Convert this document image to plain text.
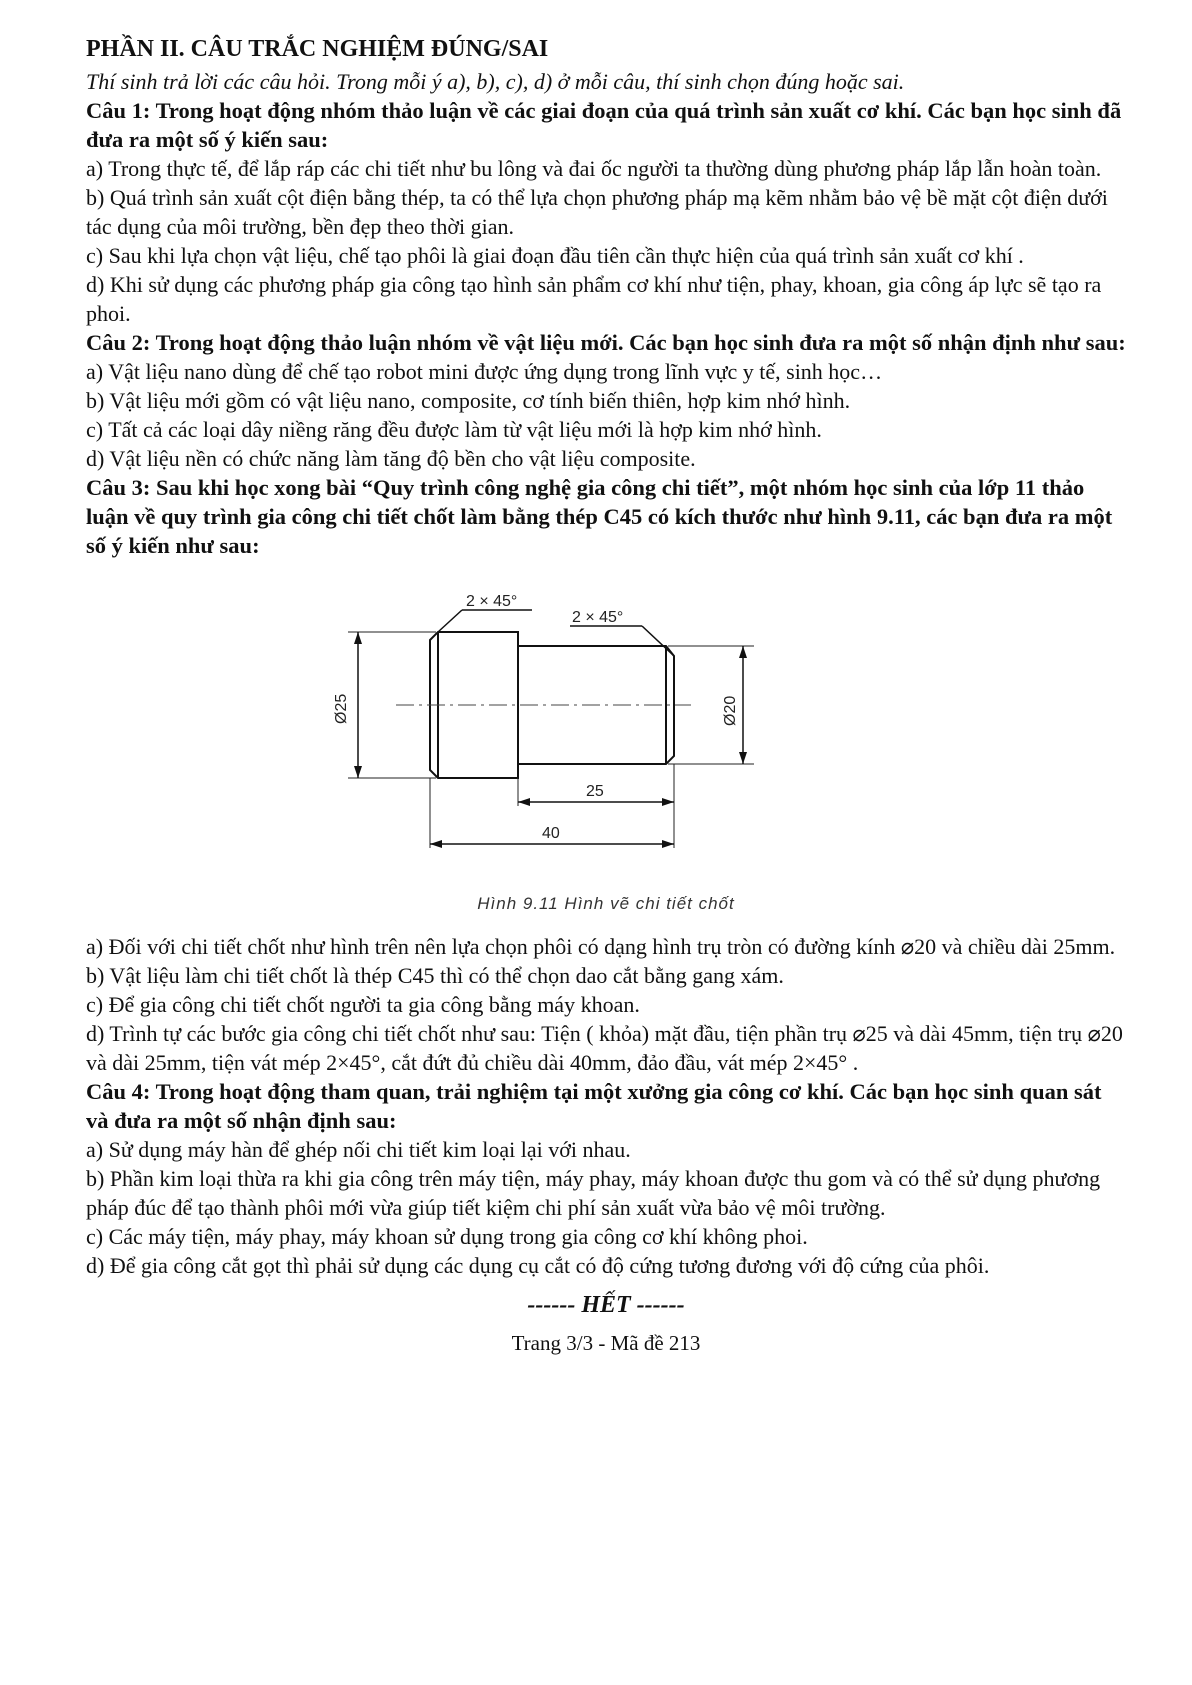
PHẦN II. CÂU TRẮC NGHIỆM ĐÚNG/SAI
Thí sinh trả lời các câu hỏi. Trong mỗi ý a), b), c), d) ở mỗi câu, thí sinh chọn đúng hoặc sai.
Câu 1: Trong hoạt động nhóm thảo luận về các giai đoạn của quá trình sản xuất cơ khí. Các bạn học sinh đã đưa ra một số ý kiến sau:
a) Trong thực tế, để lắp ráp các chi tiết như bu lông và đai ốc người ta thường dùng phương pháp lắp lẫn hoàn toàn.
b) Quá trình sản xuất cột điện bằng thép, ta có thể lựa chọn phương pháp mạ kẽm nhằm bảo vệ bề mặt cột điện dưới tác dụng của môi trường, bền đẹp theo thời gian.
c) Sau khi lựa chọn vật liệu, chế tạo phôi là giai đoạn đầu tiên cần thực hiện của quá trình sản xuất cơ khí .
d) Khi sử dụng các phương pháp gia công tạo hình sản phẩm cơ khí như tiện, phay, khoan, gia công áp lực sẽ tạo ra phoi.
Câu 2: Trong hoạt động thảo luận nhóm về vật liệu mới. Các bạn học sinh đưa ra một số nhận định như sau:
a) Vật liệu nano dùng để chế tạo robot mini được ứng dụng trong lĩnh vực y tế, sinh học…
b) Vật liệu mới gồm có vật liệu nano, composite, cơ tính biến thiên, hợp kim nhớ hình.
c) Tất cả các loại dây niềng răng đều được làm từ vật liệu mới là hợp kim nhớ hình.
d) Vật liệu nền có chức năng làm tăng độ bền cho vật liệu composite.
Câu 3: Sau khi học xong bài “Quy trình công nghệ gia công chi tiết”, một nhóm học sinh của lớp 11 thảo luận về quy trình gia công chi tiết chốt làm bằng thép C45 có kích thước như hình 9.11, các bạn đưa ra một số ý kiến như sau:
2 × 45°
2 × 45°
Ø25	Ø20
25
40
Hình 9.11 Hình vẽ chi tiết chốt
a) Đối với chi tiết chốt như hình trên nên lựa chọn phôi có dạng hình trụ tròn có đường kính ⌀20 và chiều dài 25mm.
b) Vật liệu làm chi tiết chốt là thép C45 thì có thể chọn dao cắt bằng gang xám.
c) Để gia công chi tiết chốt người ta gia công bằng máy khoan.
d) Trình tự các bước gia công chi tiết chốt như sau: Tiện ( khỏa) mặt đầu, tiện phần trụ ⌀25 và dài 45mm, tiện trụ ⌀20 và dài 25mm, tiện vát mép 2×45°, cắt đứt đủ chiều dài 40mm, đảo đầu, vát mép 2×45° .
Câu 4: Trong hoạt động tham quan, trải nghiệm tại một xưởng gia công cơ khí. Các bạn học sinh quan sát và đưa ra một số nhận định sau:
a) Sử dụng máy hàn để ghép nối chi tiết kim loại lại với nhau.
b) Phần kim loại thừa ra khi gia công trên máy tiện, máy phay, máy khoan được thu gom và có thể sử dụng phương pháp đúc để tạo thành phôi mới vừa giúp tiết kiệm chi phí sản xuất vừa bảo vệ môi trường.
c) Các máy tiện, máy phay, máy khoan sử dụng trong gia công cơ khí không phoi.
d) Để gia công cắt gọt thì phải sử dụng các dụng cụ cắt có độ cứng tương đương với độ cứng của phôi.
------ HẾT ------
Trang 3/3 - Mã đề 213
